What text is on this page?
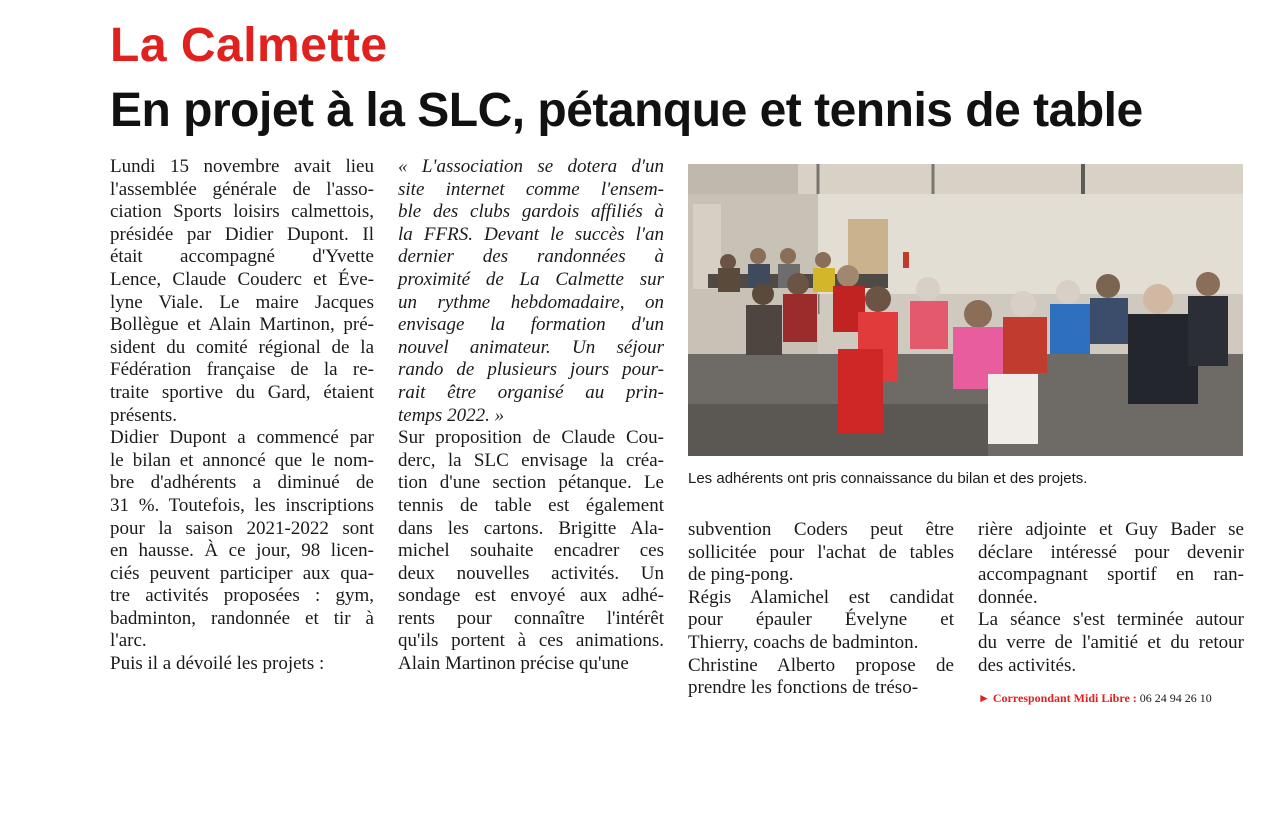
La Calmette
En projet à la SLC, pétanque et tennis de table

Lundi 15 novembre avait lieu
l'assemblée générale de l'asso-
ciation Sports loisirs calmettois,
présidée par Didier Dupont. Il
était accompagné d'Yvette
Lence, Claude Couderc et Éve-
lyne Viale. Le maire Jacques
Bollègue et Alain Martinon, pré-
sident du comité régional de la
Fédération française de la re-
traite sportive du Gard, étaient
présents.
Didier Dupont a commencé par
le bilan et annoncé que le nom-
bre d'adhérents a diminué de
31 %. Toutefois, les inscriptions
pour la saison 2021-2022 sont
en hausse. À ce jour, 98 licen-
ciés peuvent participer aux qua-
tre activités proposées : gym,
badminton, randonnée et tir à
l'arc.
Puis il a dévoilé les projets :

« L'association se dotera d'un
site internet comme l'ensem-
ble des clubs gardois affiliés à
la FFRS. Devant le succès l'an
dernier des randonnées à
proximité de La Calmette sur
un rythme hebdomadaire, on
envisage la formation d'un
nouvel animateur. Un séjour
rando de plusieurs jours pour-
rait être organisé au prin-
temps 2022. »

Sur proposition de Claude Cou-
derc, la SLC envisage la créa-
tion d'une section pétanque. Le
tennis de table est également
dans les cartons. Brigitte Ala-
michel souhaite encadrer ces
deux nouvelles activités. Un
sondage est envoyé aux adhé-
rents pour connaître l'intérêt
qu'ils portent à ces animations.
Alain Martinon précise qu'une

Les adhérents ont pris connaissance du bilan et des projets.

subvention Coders peut être
sollicitée pour l'achat de tables
de ping-pong.
Régis Alamichel est candidat
pour épauler Évelyne et
Thierry, coachs de badminton.
Christine Alberto propose de
prendre les fonctions de tréso-

rière adjointe et Guy Bader se
déclare intéressé pour devenir
accompagnant sportif en ran-
donnée.
La séance s'est terminée autour
du verre de l'amitié et du retour
des activités.

► Correspondant Midi Libre : 06 24 94 26 10
